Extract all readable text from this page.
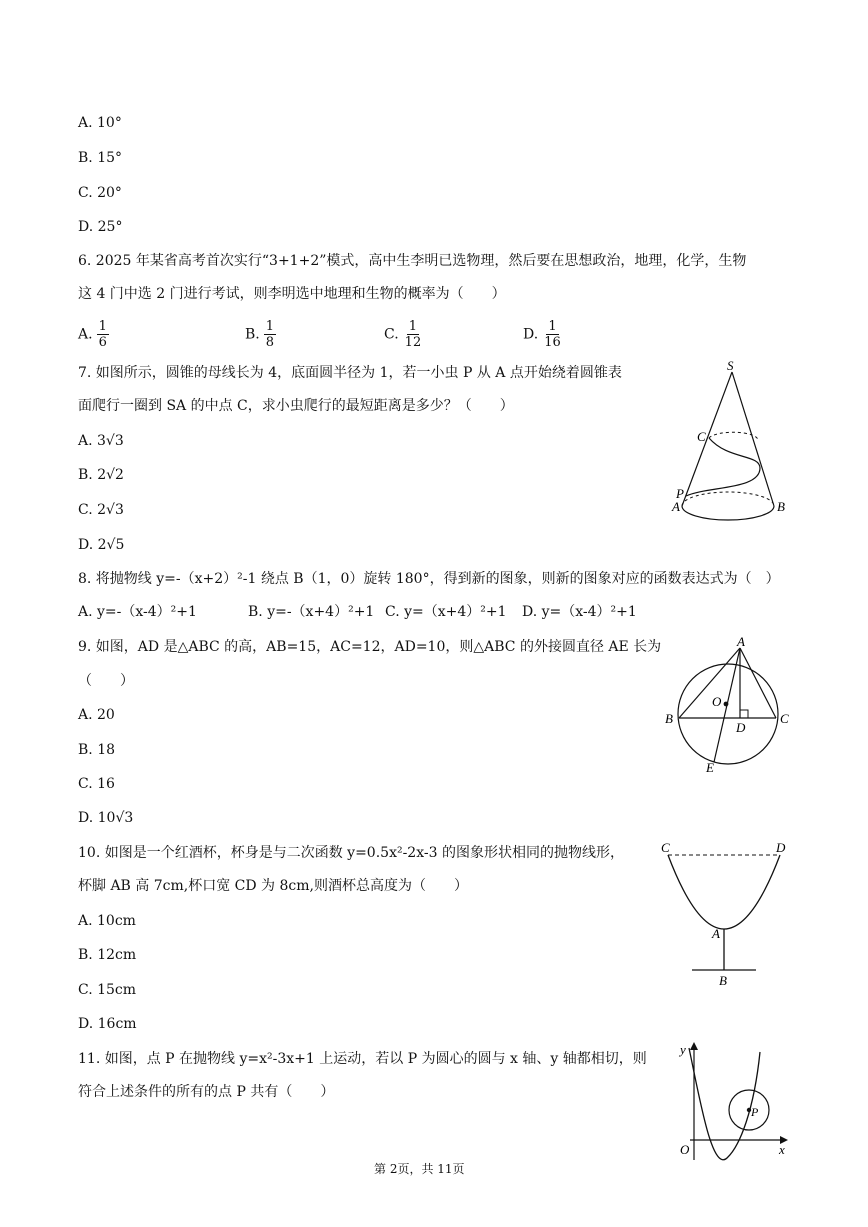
A. 10°
B. 15°
C. 20°
D. 25°
6. 2025 年某省高考首次实行“3+1+2”模式，高中生李明已选物理，然后要在思想政治，地理，化学，生物
这 4 门中选 2 门进行考试，则李明选中地理和生物的概率为（　　）
A. $\frac{1}{6}$	B. $\frac{1}{8}$	C. $\frac{1}{12}$	D. $\frac{1}{16}$
7. 如图所示，圆锥的母线长为 4，底面圆半径为 1，若一小虫 P 从 A 点开始绕着圆锥表
面爬行一圈到 SA 的中点 C，求小虫爬行的最短距离是多少？（　　）
A. 3√3
B. 2√2
C. 2√3
D. 2√5
S
C
P
A	B
8. 将抛物线 y=-（x+2）²-1 绕点 B（1，0）旋转 180°，得到新的图象，则新的图象对应的函数表达式为（　）
A. y=-（x-4）²+1	B. y=-（x+4）²+1 C. y=（x+4）²+1 D. y=（x-4）²+1
9. 如图，AD 是△ABC 的高，AB=15，AC=12，AD=10，则△ABC 的外接圆直径 AE 长为
（　　）
A. 20
B. 18
C. 16
D. 10√3
A
O
B
D
C
E
10. 如图是一个红酒杯，杯身是与二次函数 y=0.5x²-2x-3 的图象形状相同的抛物线形，
杯脚 AB 高 7cm,杯口宽 CD 为 8cm,则酒杯总高度为（　　）
A. 10cm
B. 12cm
C. 15cm
D. 16cm
C	D
A
B
11. 如图，点 P 在抛物线 y=x²-3x+1 上运动，若以 P 为圆心的圆与 x 轴、y 轴都相切，则
符合上述条件的所有的点 P 共有（　　）
y
O	x
P
第 2页，共 11页
